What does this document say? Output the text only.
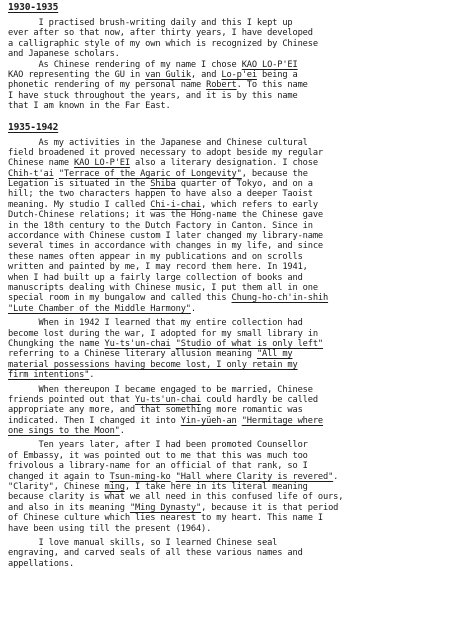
1930-1935

I practised brush-writing daily and this I kept up
ever after so that now, after thirty years, I have developed
a calligraphic style of my own which is recognized by Chinese
and Japanese scholars.
As Chinese rendering of my name I chose KAO LO-P'EI
KAO representing the GU in van Gulik, and Lo-p'ei being a
phonetic rendering of my personal name Robert. To this name
I have stuck throughout the years, and it is by this name
that I am known in the Far East.

1935-1942

As my activities in the Japanese and Chinese cultural
field broadened it proved necessary to adopt beside my regular
Chinese name KAO LO-P'EI also a literary designation. I chose
Chih-t'ai "Terrace of the Agaric of Longevity", because the
Legation is situated in the Shiba quarter of Tokyo, and on a
hill; the two characters happen to have also a deeper Taoist
meaning. My studio I called Chi-i-chai, which refers to early
Dutch-Chinese relations; it was the Hong-name the Chinese gave
in the 18th century to the Dutch Factory in Canton. Since in
accordance with Chinese custom I later changed my library-name
several times in accordance with changes in my life, and since
these names often appear in my publications and on scrolls
written and painted by me, I may record them here. In 1941,
when I had built up a fairly large collection of books and
manuscripts dealing with Chinese music, I put them all in one
special room in my bungalow and called this Chung-ho-ch'in-shih
"Lute Chamber of the Middle Harmony".

When in 1942 I learned that my entire collection had
become lost during the war, I adopted for my small library in
Chungking the name Yu-ts'un-chai "Studio of what is only left"
referring to a Chinese literary allusion meaning "All my
material possessions having become lost, I only retain my
firm intentions".

When thereupon I became engaged to be married, Chinese
friends pointed out that Yu-ts'un-chai could hardly be called
appropriate any more, and that something more romantic was
indicated. Then I changed it into Yin-yüeh-an "Hermitage where
one sings to the Moon".

Ten years later, after I had been promoted Counsellor
of Embassy, it was pointed out to me that this was much too
frivolous a library-name for an official of that rank, so I
changed it again to Tsun-ming-ko "Hall where Clarity is revered".
"Clarity", Chinese ming, I take here in its literal meaning
because clarity is what we all need in this confused life of ours,
and also in its meaning "Ming Dynasty", because it is that period
of Chinese culture which lies nearest to my heart. This name I
have been using till the present (1964).

I love manual skills, so I learned Chinese seal
engraving, and carved seals of all these various names and
appellations.
